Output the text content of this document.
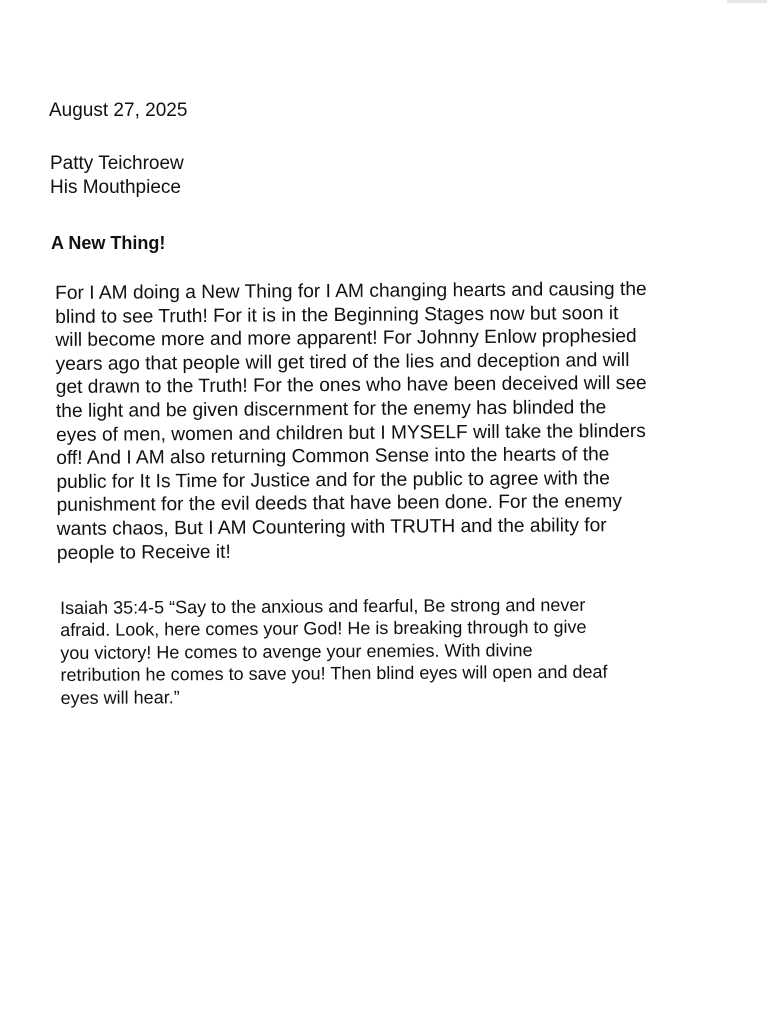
August 27, 2025
Patty Teichroew
His Mouthpiece
A New Thing!
For I AM doing a New Thing for I AM changing hearts and causing the
blind to see Truth! For it is in the Beginning Stages now but soon it
will become more and more apparent! For Johnny Enlow prophesied
years ago that people will get tired of the lies and deception and will
get drawn to the Truth! For the ones who have been deceived will see
the light and be given discernment for the enemy has blinded the
eyes of men, women and children but I MYSELF will take the blinders
off! And I AM also returning Common Sense into the hearts of the
public for It Is Time for Justice and for the public to agree with the
punishment for the evil deeds that have been done. For the enemy
wants chaos, But I AM Countering with TRUTH and the ability for
people to Receive it!
Isaiah 35:4-5 “Say to the anxious and fearful, Be strong and never
afraid. Look, here comes your God! He is breaking through to give
you victory! He comes to avenge your enemies. With divine
retribution he comes to save you! Then blind eyes will open and deaf
eyes will hear.”
